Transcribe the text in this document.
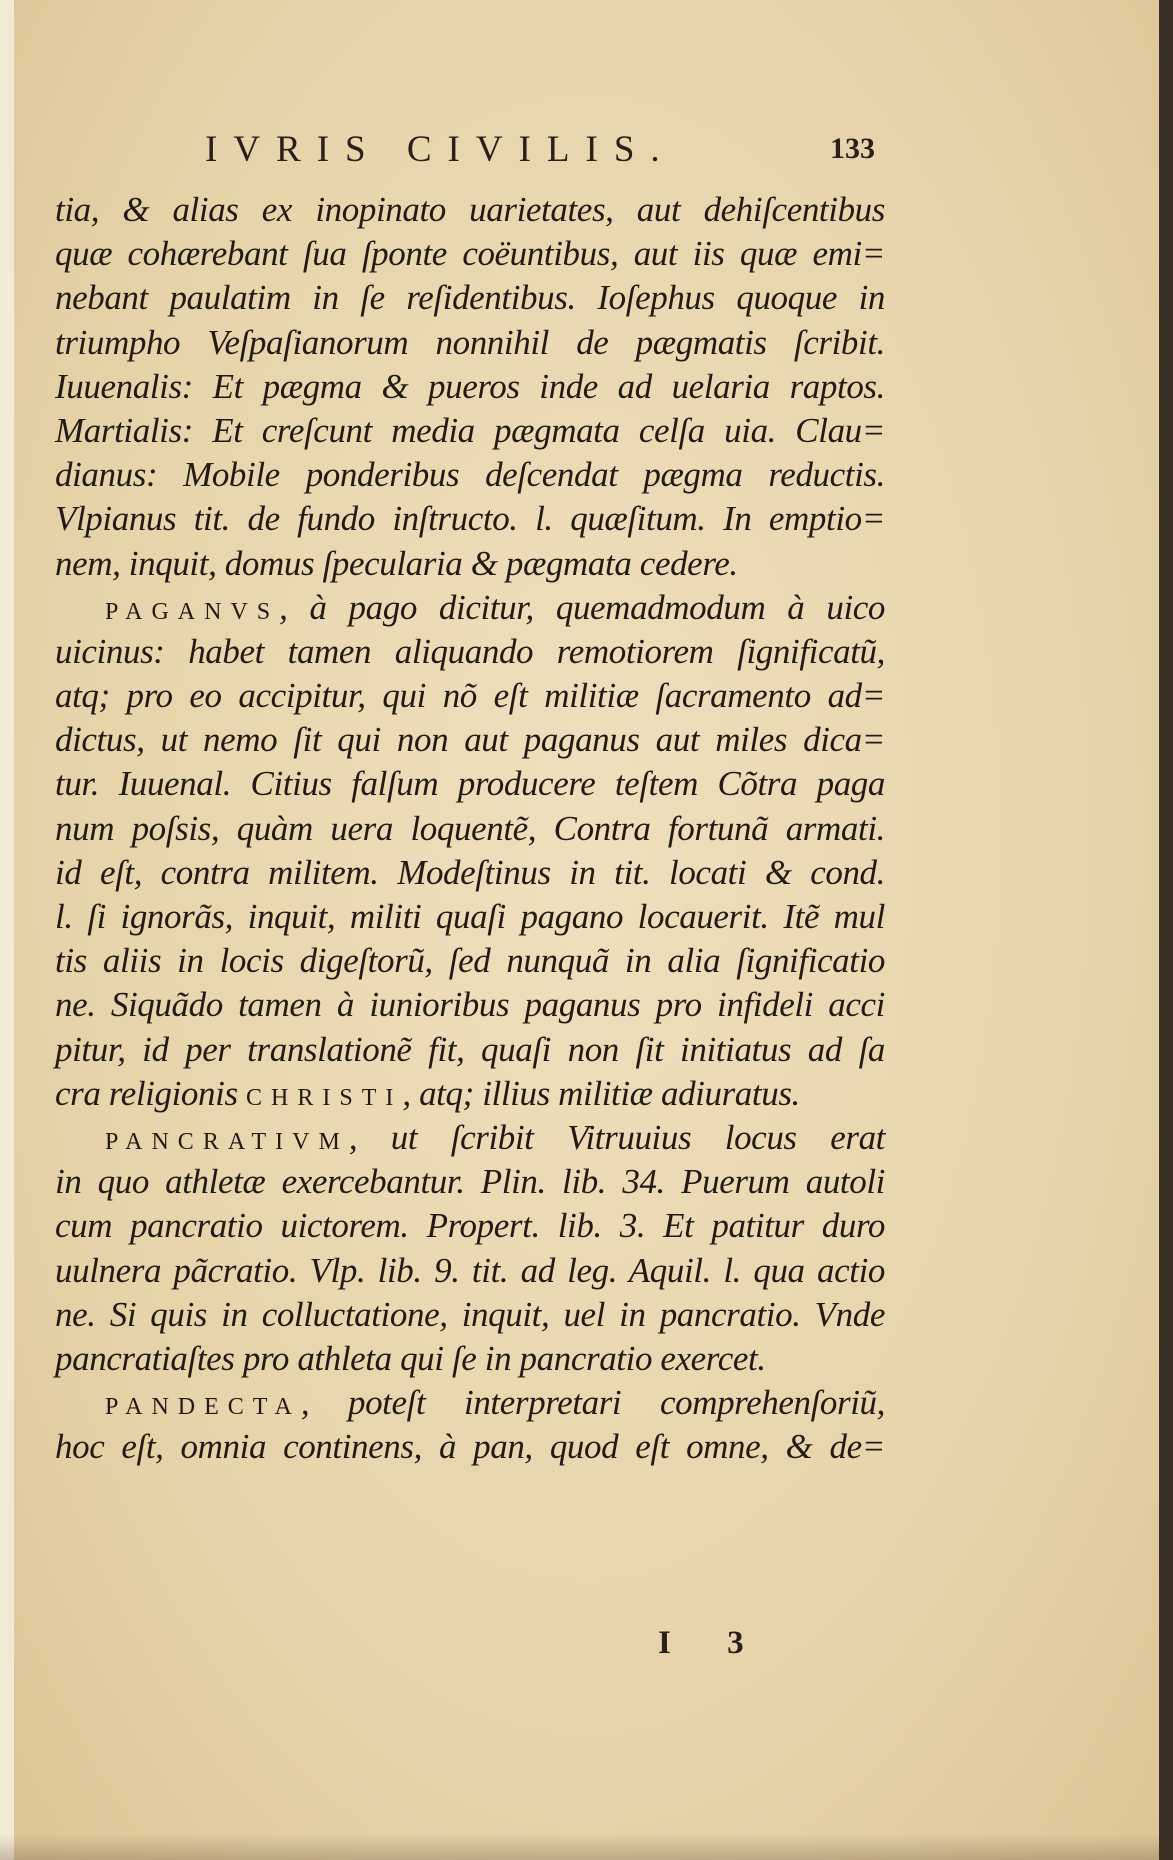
IVRIS CIVILIS.	133
tia, & alias ex inopinato uarietates, aut dehiſcentibus
quæ cohærebant ſua ſponte coëuntibus, aut iis quæ emi=
nebant paulatim in ſe reſidentibus. Ioſephus quoque in
triumpho Veſpaſianorum nonnihil de pægmatis ſcribit.
Iuuenalis: Et pægma & pueros inde ad uelaria raptos.
Martialis: Et creſcunt media pægmata celſa uia. Clau=
dianus: Mobile ponderibus deſcendat pægma reductis.
Vlpianus tit. de fundo inſtructo. l. quæſitum. In emptio=
nem, inquit, domus ſpecularia & pægmata cedere.
PAGANVS, à pago dicitur, quemadmodum à uico
uicinus: habet tamen aliquando remotiorem ſignificatũ,
atq; pro eo accipitur, qui nõ eſt militiæ ſacramento ad=
dictus, ut nemo ſit qui non aut paganus aut miles dica=
tur. Iuuenal. Citius falſum producere teſtem Cõtra paga
num poſsis, quàm uera loquentẽ, Contra fortunã armati.
id eſt, contra militem. Modeſtinus in tit. locati & cond.
l. ſi ignorãs, inquit, militi quaſi pagano locauerit. Itẽ mul
tis aliis in locis digeſtorũ, ſed nunquã in alia ſignificatio
ne. Siquãdo tamen à iunioribus paganus pro infideli acci
pitur, id per translationẽ fit, quaſi non ſit initiatus ad ſa
cra religionis CHRISTI, atq; illius militiæ adiuratus.
PANCRATIVM, ut ſcribit Vitruuius locus erat
in quo athletæ exercebantur. Plin. lib. 34. Puerum autoli
cum pancratio uictorem. Propert. lib. 3. Et patitur duro
uulnera pãcratio. Vlp. lib. 9. tit. ad leg. Aquil. l. qua actio
ne. Si quis in colluctatione, inquit, uel in pancratio. Vnde
pancratiaſtes pro athleta qui ſe in pancratio exercet.
PANDECTA, poteſt interpretari comprehenſoriũ,
hoc eſt, omnia continens, à pan, quod eſt omne, & de=
I 3
